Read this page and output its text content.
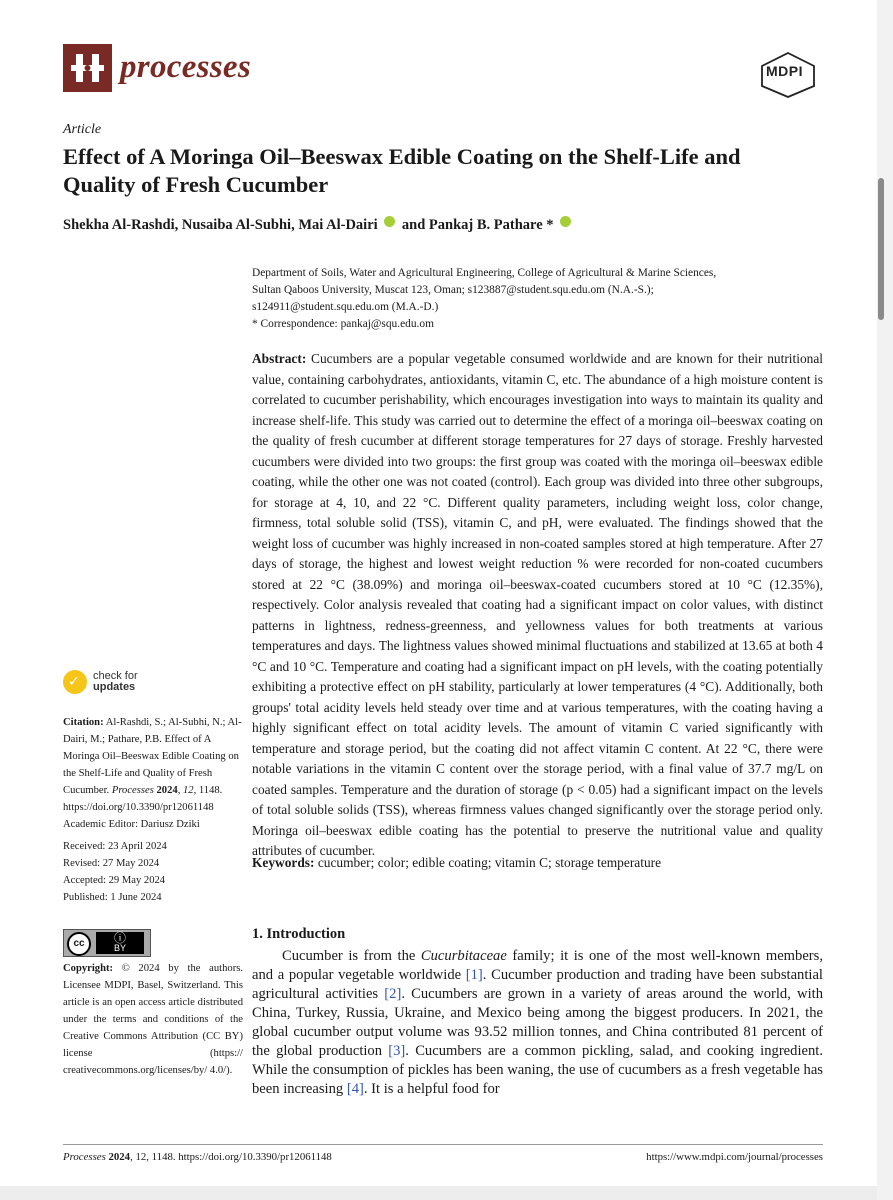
processes	MDPI
Article
Effect of A Moringa Oil–Beeswax Edible Coating on the Shelf-Life and Quality of Fresh Cucumber
Shekha Al-Rashdi, Nusaiba Al-Subhi, Mai Al-Dairi and Pankaj B. Pathare *
Department of Soils, Water and Agricultural Engineering, College of Agricultural & Marine Sciences,
Sultan Qaboos University, Muscat 123, Oman; s123887@student.squ.edu.om (N.A.-S.);
s124911@student.squ.edu.om (M.A.-D.)
* Correspondence: pankaj@squ.edu.om
Abstract: Cucumbers are a popular vegetable consumed worldwide and are known for their nutritional value, containing carbohydrates, antioxidants, vitamin C, etc. The abundance of a high moisture content is correlated to cucumber perishability, which encourages investigation into ways to maintain its quality and increase shelf-life. This study was carried out to determine the effect of a moringa oil–beeswax coating on the quality of fresh cucumber at different storage temperatures for 27 days of storage. Freshly harvested cucumbers were divided into two groups: the first group was coated with the moringa oil–beeswax edible coating, while the other one was not coated (control). Each group was divided into three other subgroups, for storage at 4, 10, and 22 °C. Different quality parameters, including weight loss, color change, firmness, total soluble solid (TSS), vitamin C, and pH, were evaluated. The findings showed that the weight loss of cucumber was highly increased in non-coated samples stored at high temperature. After 27 days of storage, the highest and lowest weight reduction % were recorded for non-coated cucumbers stored at 22 °C (38.09%) and moringa oil–beeswax-coated cucumbers stored at 10 °C (12.35%), respectively. Color analysis revealed that coating had a significant impact on color values, with distinct patterns in lightness, redness-greenness, and yellowness values for both treatments at various temperatures and days. The lightness values showed minimal fluctuations and stabilized at 13.65 at both 4 °C and 10 °C. Temperature and coating had a significant impact on pH levels, with the coating potentially exhibiting a protective effect on pH stability, particularly at lower temperatures (4 °C). Additionally, both groups' total acidity levels held steady over time and at various temperatures, with the coating having a highly significant effect on total acidity levels. The amount of vitamin C varied significantly with temperature and storage period, but the coating did not affect vitamin C content. At 22 °C, there were notable variations in the vitamin C content over the storage period, with a final value of 37.7 mg/L on coated samples. Temperature and the duration of storage (p < 0.05) had a significant impact on the levels of total soluble solids (TSS), whereas firmness values changed significantly over the storage period only. Moringa oil–beeswax edible coating has the potential to preserve the nutritional value and quality attributes of cucumber.
Keywords: cucumber; color; edible coating; vitamin C; storage temperature
✓ check for
updates
Citation: Al-Rashdi, S.; Al-Subhi, N.; Al-Dairi, M.; Pathare, P.B. Effect of A Moringa Oil–Beeswax Edible Coating on the Shelf-Life and Quality of Fresh Cucumber. Processes 2024, 12, 1148. https://doi.org/10.3390/pr12061148
Academic Editor: Dariusz Dziki
Received: 23 April 2024
Revised: 27 May 2024
Accepted: 29 May 2024
Published: 1 June 2024
cc	ⓘ
BY
Copyright: © 2024 by the authors. Licensee MDPI, Basel, Switzerland. This article is an open access article distributed under the terms and conditions of the Creative Commons Attribution (CC BY) license (https:// creativecommons.org/licenses/by/ 4.0/).
1. Introduction
Cucumber is from the Cucurbitaceae family; it is one of the most well-known members, and a popular vegetable worldwide [1]. Cucumber production and trading have been substantial agricultural activities [2]. Cucumbers are grown in a variety of areas around the world, with China, Turkey, Russia, Ukraine, and Mexico being among the biggest producers. In 2021, the global cucumber output volume was 93.52 million tonnes, and China contributed 81 percent of the global production [3]. Cucumbers are a common pickling, salad, and cooking ingredient. While the consumption of pickles has been waning, the use of cucumbers as a fresh vegetable has been increasing [4]. It is a helpful food for
Processes 2024, 12, 1148. https://doi.org/10.3390/pr12061148	https://www.mdpi.com/journal/processes
